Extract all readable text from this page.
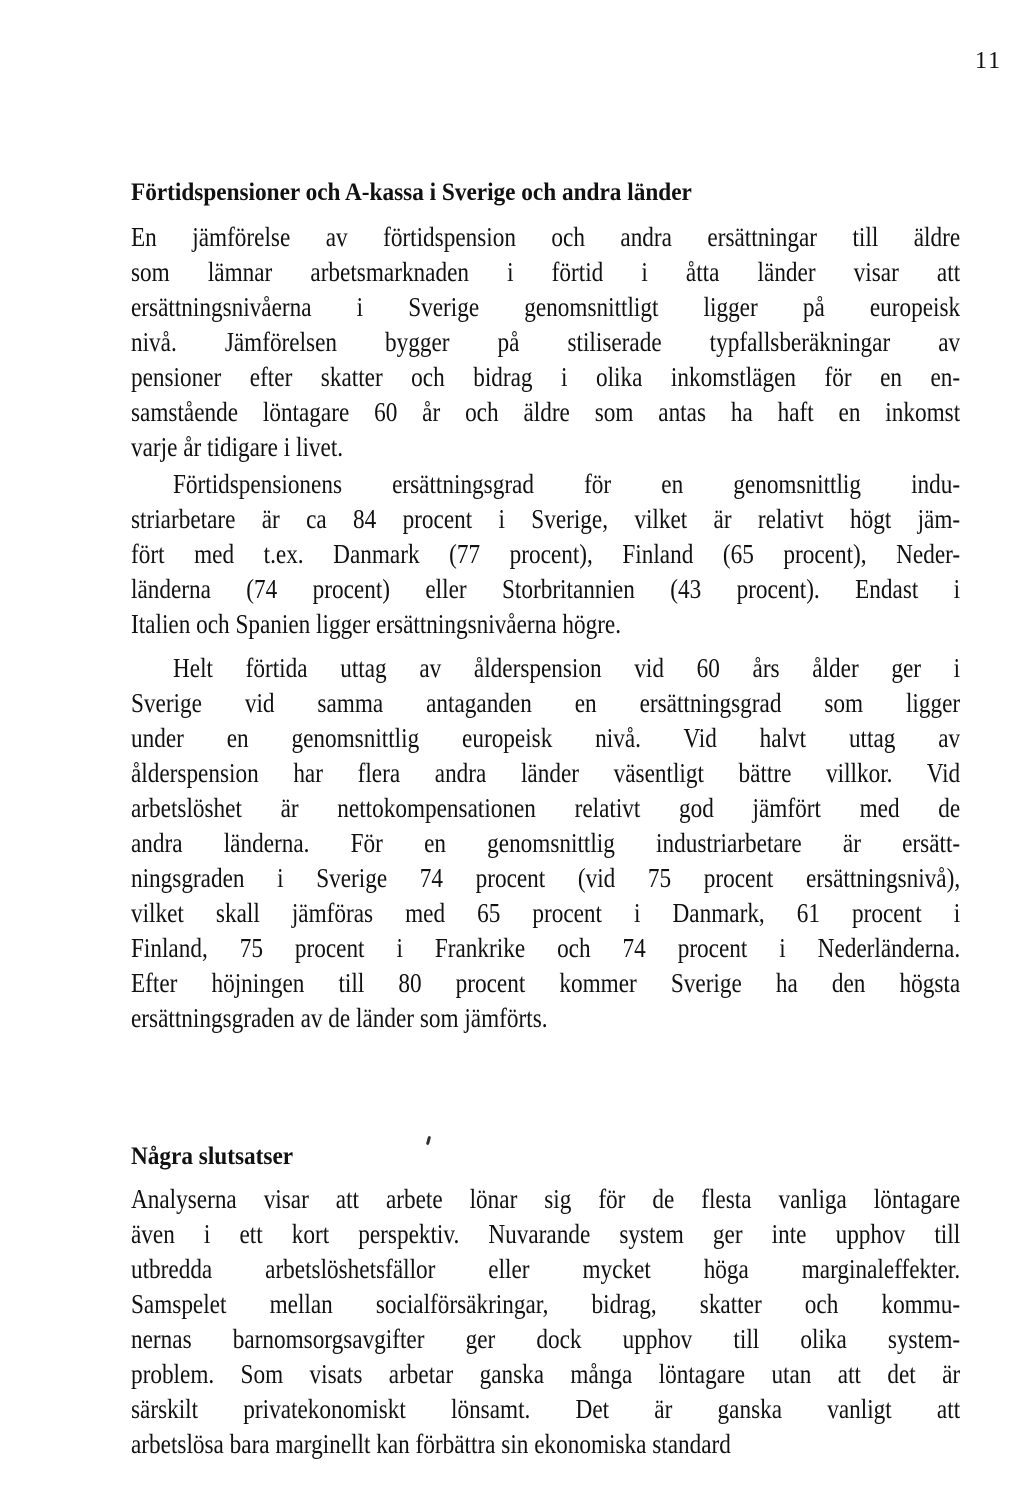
11
Förtidspensioner och A-kassa i Sverige och andra länder
En jämförelse av förtidspension och andra ersättningar till äldre
som lämnar arbetsmarknaden i förtid i åtta länder visar att
ersättningsnivåerna i Sverige genomsnittligt ligger på europeisk
nivå. Jämförelsen bygger på stiliserade typfallsberäkningar av
pensioner efter skatter och bidrag i olika inkomstlägen för en en-
samstående löntagare 60 år och äldre som antas ha haft en inkomst
varje år tidigare i livet.
Förtidspensionens ersättningsgrad för en genomsnittlig indu-
striarbetare är ca 84 procent i Sverige, vilket är relativt högt jäm-
fört med t.ex. Danmark (77 procent), Finland (65 procent), Neder-
länderna (74 procent) eller Storbritannien (43 procent). Endast i
Italien och Spanien ligger ersättningsnivåerna högre.
Helt förtida uttag av ålderspension vid 60 års ålder ger i
Sverige vid samma antaganden en ersättningsgrad som ligger
under en genomsnittlig europeisk nivå. Vid halvt uttag av
ålderspension har flera andra länder väsentligt bättre villkor. Vid
arbetslöshet är nettokompensationen relativt god jämfört med de
andra länderna. För en genomsnittlig industriarbetare är ersätt-
ningsgraden i Sverige 74 procent (vid 75 procent ersättningsnivå),
vilket skall jämföras med 65 procent i Danmark, 61 procent i
Finland, 75 procent i Frankrike och 74 procent i Nederländerna.
Efter höjningen till 80 procent kommer Sverige ha den högsta
ersättningsgraden av de länder som jämförts.
Några slutsatser
Analyserna visar att arbete lönar sig för de flesta vanliga löntagare
även i ett kort perspektiv. Nuvarande system ger inte upphov till
utbredda arbetslöshetsfällor eller mycket höga marginaleffekter.
Samspelet mellan socialförsäkringar, bidrag, skatter och kommu-
nernas barnomsorgsavgifter ger dock upphov till olika system-
problem. Som visats arbetar ganska många löntagare utan att det är
särskilt privatekonomiskt lönsamt. Det är ganska vanligt att
arbetslösa bara marginellt kan förbättra sin ekonomiska standard
